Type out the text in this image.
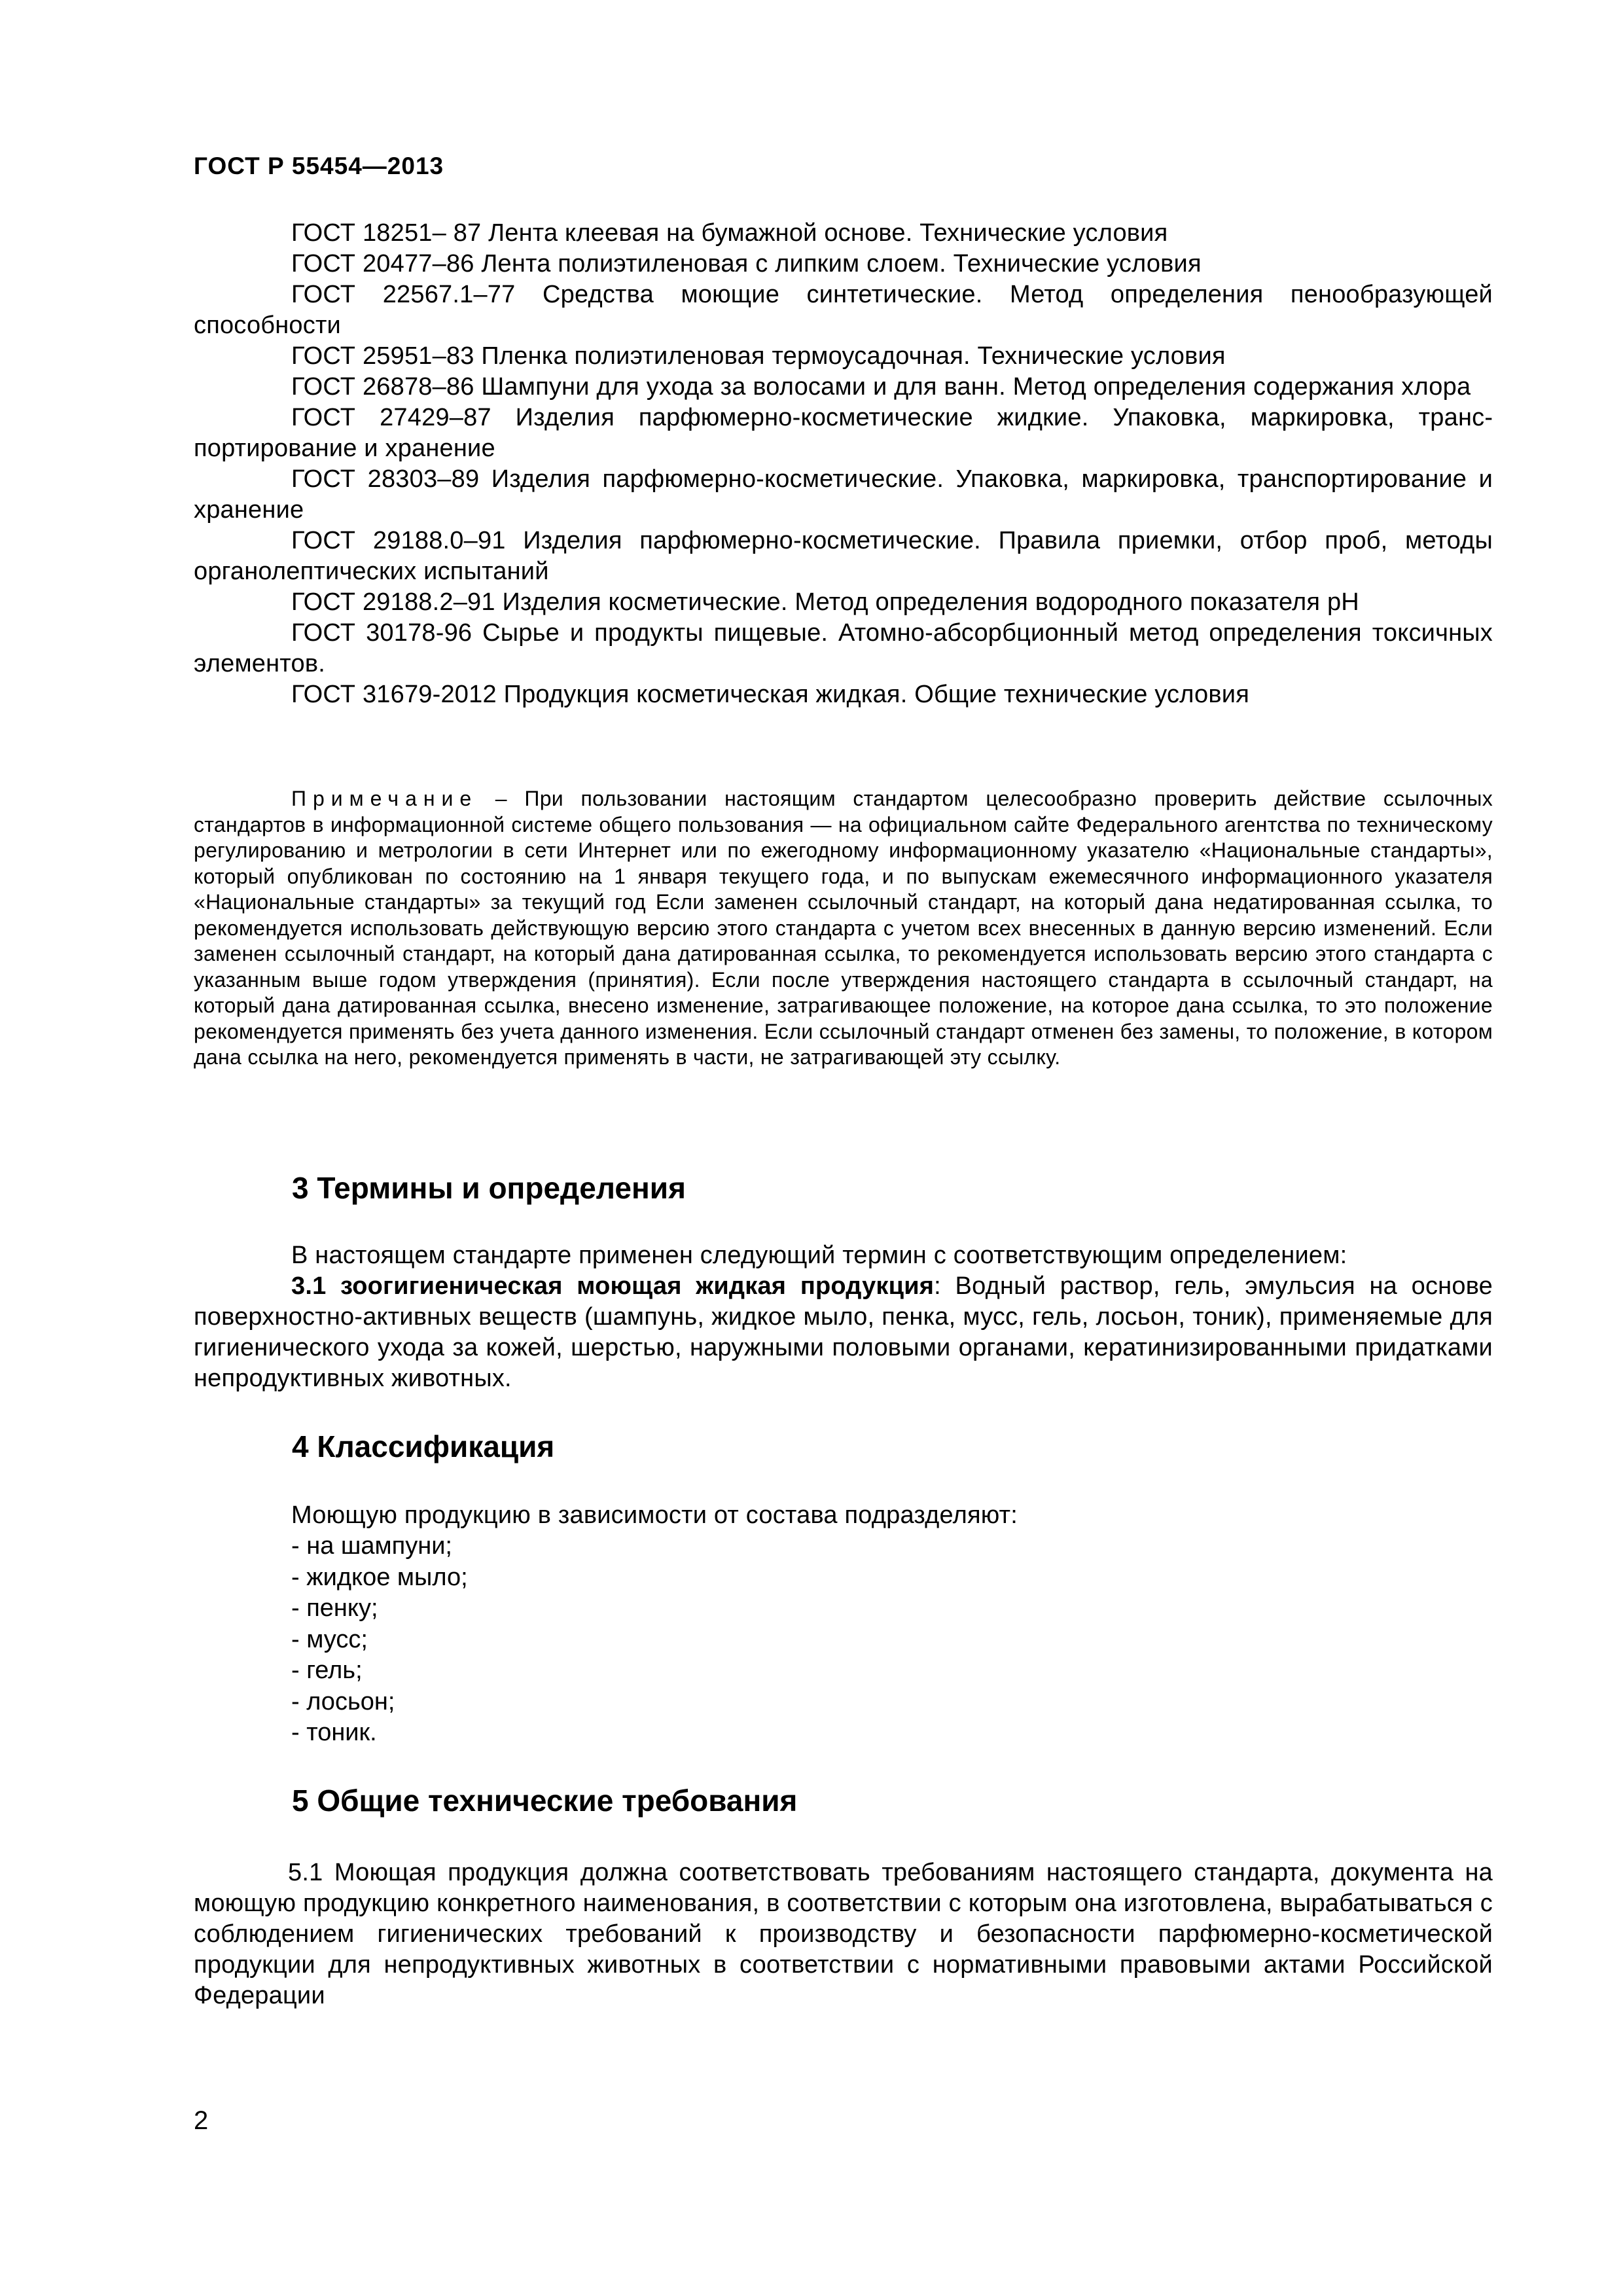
ГОСТ Р 55454—2013

ГОСТ 18251– 87 Лента клеевая на бумажной основе. Технические условия

ГОСТ 20477–86 Лента полиэтиленовая с липким слоем. Технические условия

ГОСТ 22567.1–77 Средства моющие синтетические. Метод определения пенообразующей способности

ГОСТ 25951–83 Пленка полиэтиленовая термоусадочная. Технические условия

ГОСТ 26878–86 Шампуни для ухода за волосами и для ванн. Метод определения содержания хлора

ГОСТ 27429–87 Изделия парфюмерно-косметические жидкие. Упаковка, маркировка, транспортирование и хранение

ГОСТ 28303–89 Изделия парфюмерно-косметические. Упаковка, маркировка, транспортирование и хранение

ГОСТ 29188.0–91 Изделия парфюмерно-косметические. Правила приемки, отбор проб, методы органолептических испытаний

ГОСТ 29188.2–91 Изделия косметические. Метод определения водородного показателя pH

ГОСТ 30178-96 Сырье и продукты пищевые. Атомно-абсорбционный метод определения токсичных элементов.

ГОСТ 31679-2012 Продукция косметическая жидкая. Общие технические условия

Примечание – При пользовании настоящим стандартом целесообразно проверить действие ссылочных стандартов в информационной системе общего пользования — на официальном сайте Федерального агентства по техническому регулированию и метрологии в сети Интернет или по ежегодному информационному указателю «Национальные стандарты», который опубликован по состоянию на 1 января текущего года, и по выпускам ежемесячного информационного указателя «Национальные стандарты» за текущий год Если заменен ссылочный стандарт, на который дана недатированная ссылка, то рекомендуется использовать действующую версию этого стандарта с учетом всех внесенных в данную версию изменений. Если заменен ссылочный стандарт, на который дана датированная ссылка, то рекомендуется использовать версию этого стандарта с указанным выше годом утверждения (принятия). Если после утверждения настоящего стандарта в ссылочный стандарт, на который дана датированная ссылка, внесено изменение, затрагивающее положение, на которое дана ссылка, то это положение рекомендуется применять без учета данного изменения. Если ссылочный стандарт отменен без замены, то положение, в котором дана ссылка на него, рекомендуется применять в части, не затрагивающей эту ссылку.

3 Термины и определения

В настоящем стандарте применен следующий термин с соответствующим определением:

3.1 зоогигиеническая моющая жидкая продукция: Водный раствор, гель, эмульсия на основе поверхностно-активных веществ (шампунь, жидкое мыло, пенка, мусс, гель, лосьон, тоник), применяемые для гигиенического ухода за кожей, шерстью, наружными половыми органами, кератинизированными придатками непродуктивных животных.

4 Классификация

Моющую продукцию в зависимости от состава подразделяют:

- на шампуни;
- жидкое мыло;
- пенку;
- мусс;
- гель;
- лосьон;
- тоник.
5 Общие технические требования

5.1 Моющая продукция должна соответствовать требованиям настоящего стандарта, документа на моющую продукцию конкретного наименования, в соответствии с которым она изготовлена, вырабатываться с соблюдением гигиенических требований к производству и безопасности парфюмерно-косметической продукции для непродуктивных животных в соответствии с нормативными правовыми актами Российской Федерации

2
